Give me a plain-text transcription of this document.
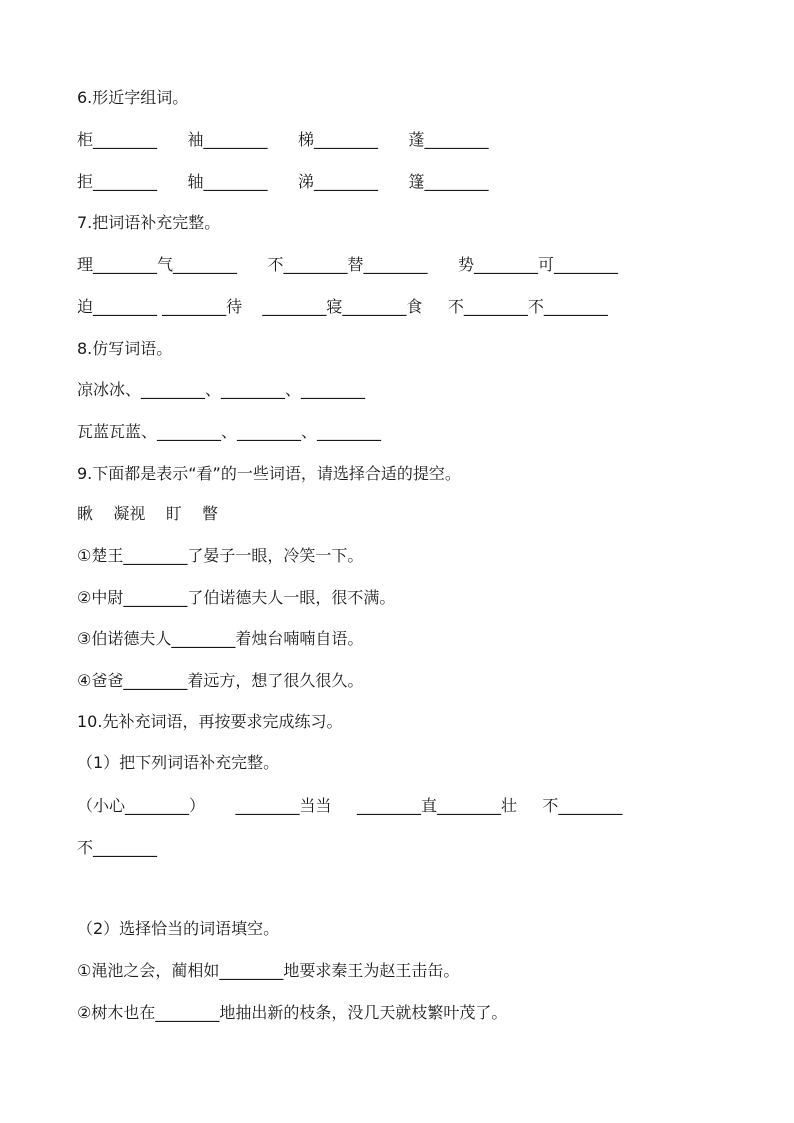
6.形近字组词。
柜________      袖________      梯________      蓬________
拒________      轴________      涕________      篷________
7.把词语补充完整。
理________气________      不________替________      势________可________
迫________ ________待    ________寝________食     不________不________
8.仿写词语。
凉冰冰、________、________、________
瓦蓝瓦蓝、________、________、________
9.下面都是表示“看”的一些词语，请选择合适的提空。
瞅    凝视    盯    瞥
①楚王________了晏子一眼，冷笑一下。
②中尉________了伯诺德夫人一眼，很不满。
③伯诺德夫人________着烛台喃喃自语。
④爸爸________着远方，想了很久很久。
10.先补充词语，再按要求完成练习。
（1）把下列词语补充完整。
（小心________）      ________当当     ________直________壮     不________
不________
（2）选择恰当的词语填空。
①渑池之会，蔺相如________地要求秦王为赵王击缶。
②树木也在________地抽出新的枝条，没几天就枝繁叶茂了。
